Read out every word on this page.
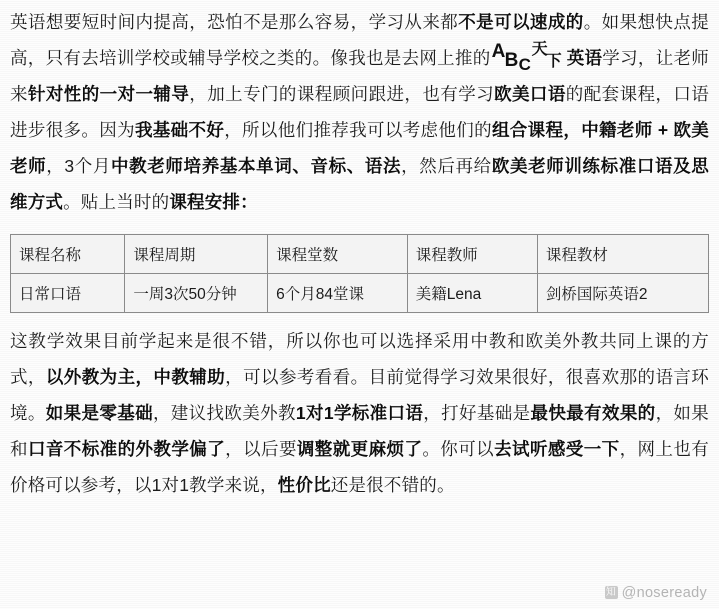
英语想要短时间内提高，恐怕不是那么容易，学习从来都不是可以速成的。如果想快点提高，只有去培训学校或辅导学校之类的。像我也是去网上推的 A B C
天
下 英语学习，让老师来针对性的一对一辅导，加上专门的课程顾问跟进，也有学习欧美口语的配套课程，口语进步很多。因为我基础不好，所以他们推荐我可以考虑他们的组合课程，中籍老师 + 欧美老师，3个月中教老师培养基本单词、音标、语法，然后再给欧美老师训练标准口语及思维方式。贴上当时的课程安排：
课程名称	课程周期	课程堂数	课程教师	课程教材
日常口语	一周3次50分钟	6个月84堂课	美籍Lena	剑桥国际英语2
这教学效果目前学起来是很不错，所以你也可以选择采用中教和欧美外教共同上课的方式，以外教为主，中教辅助，可以参考看看。目前觉得学习效果很好，很喜欢那的语言环境。如果是零基础，建议找欧美外教1对1学标准口语，打好基础是最快最有效果的，如果和口音不标准的外教学偏了，以后要调整就更麻烦了。你可以去试听感受一下，网上也有价格可以参考，以1对1教学来说，性价比还是很不错的。
知@noseready
